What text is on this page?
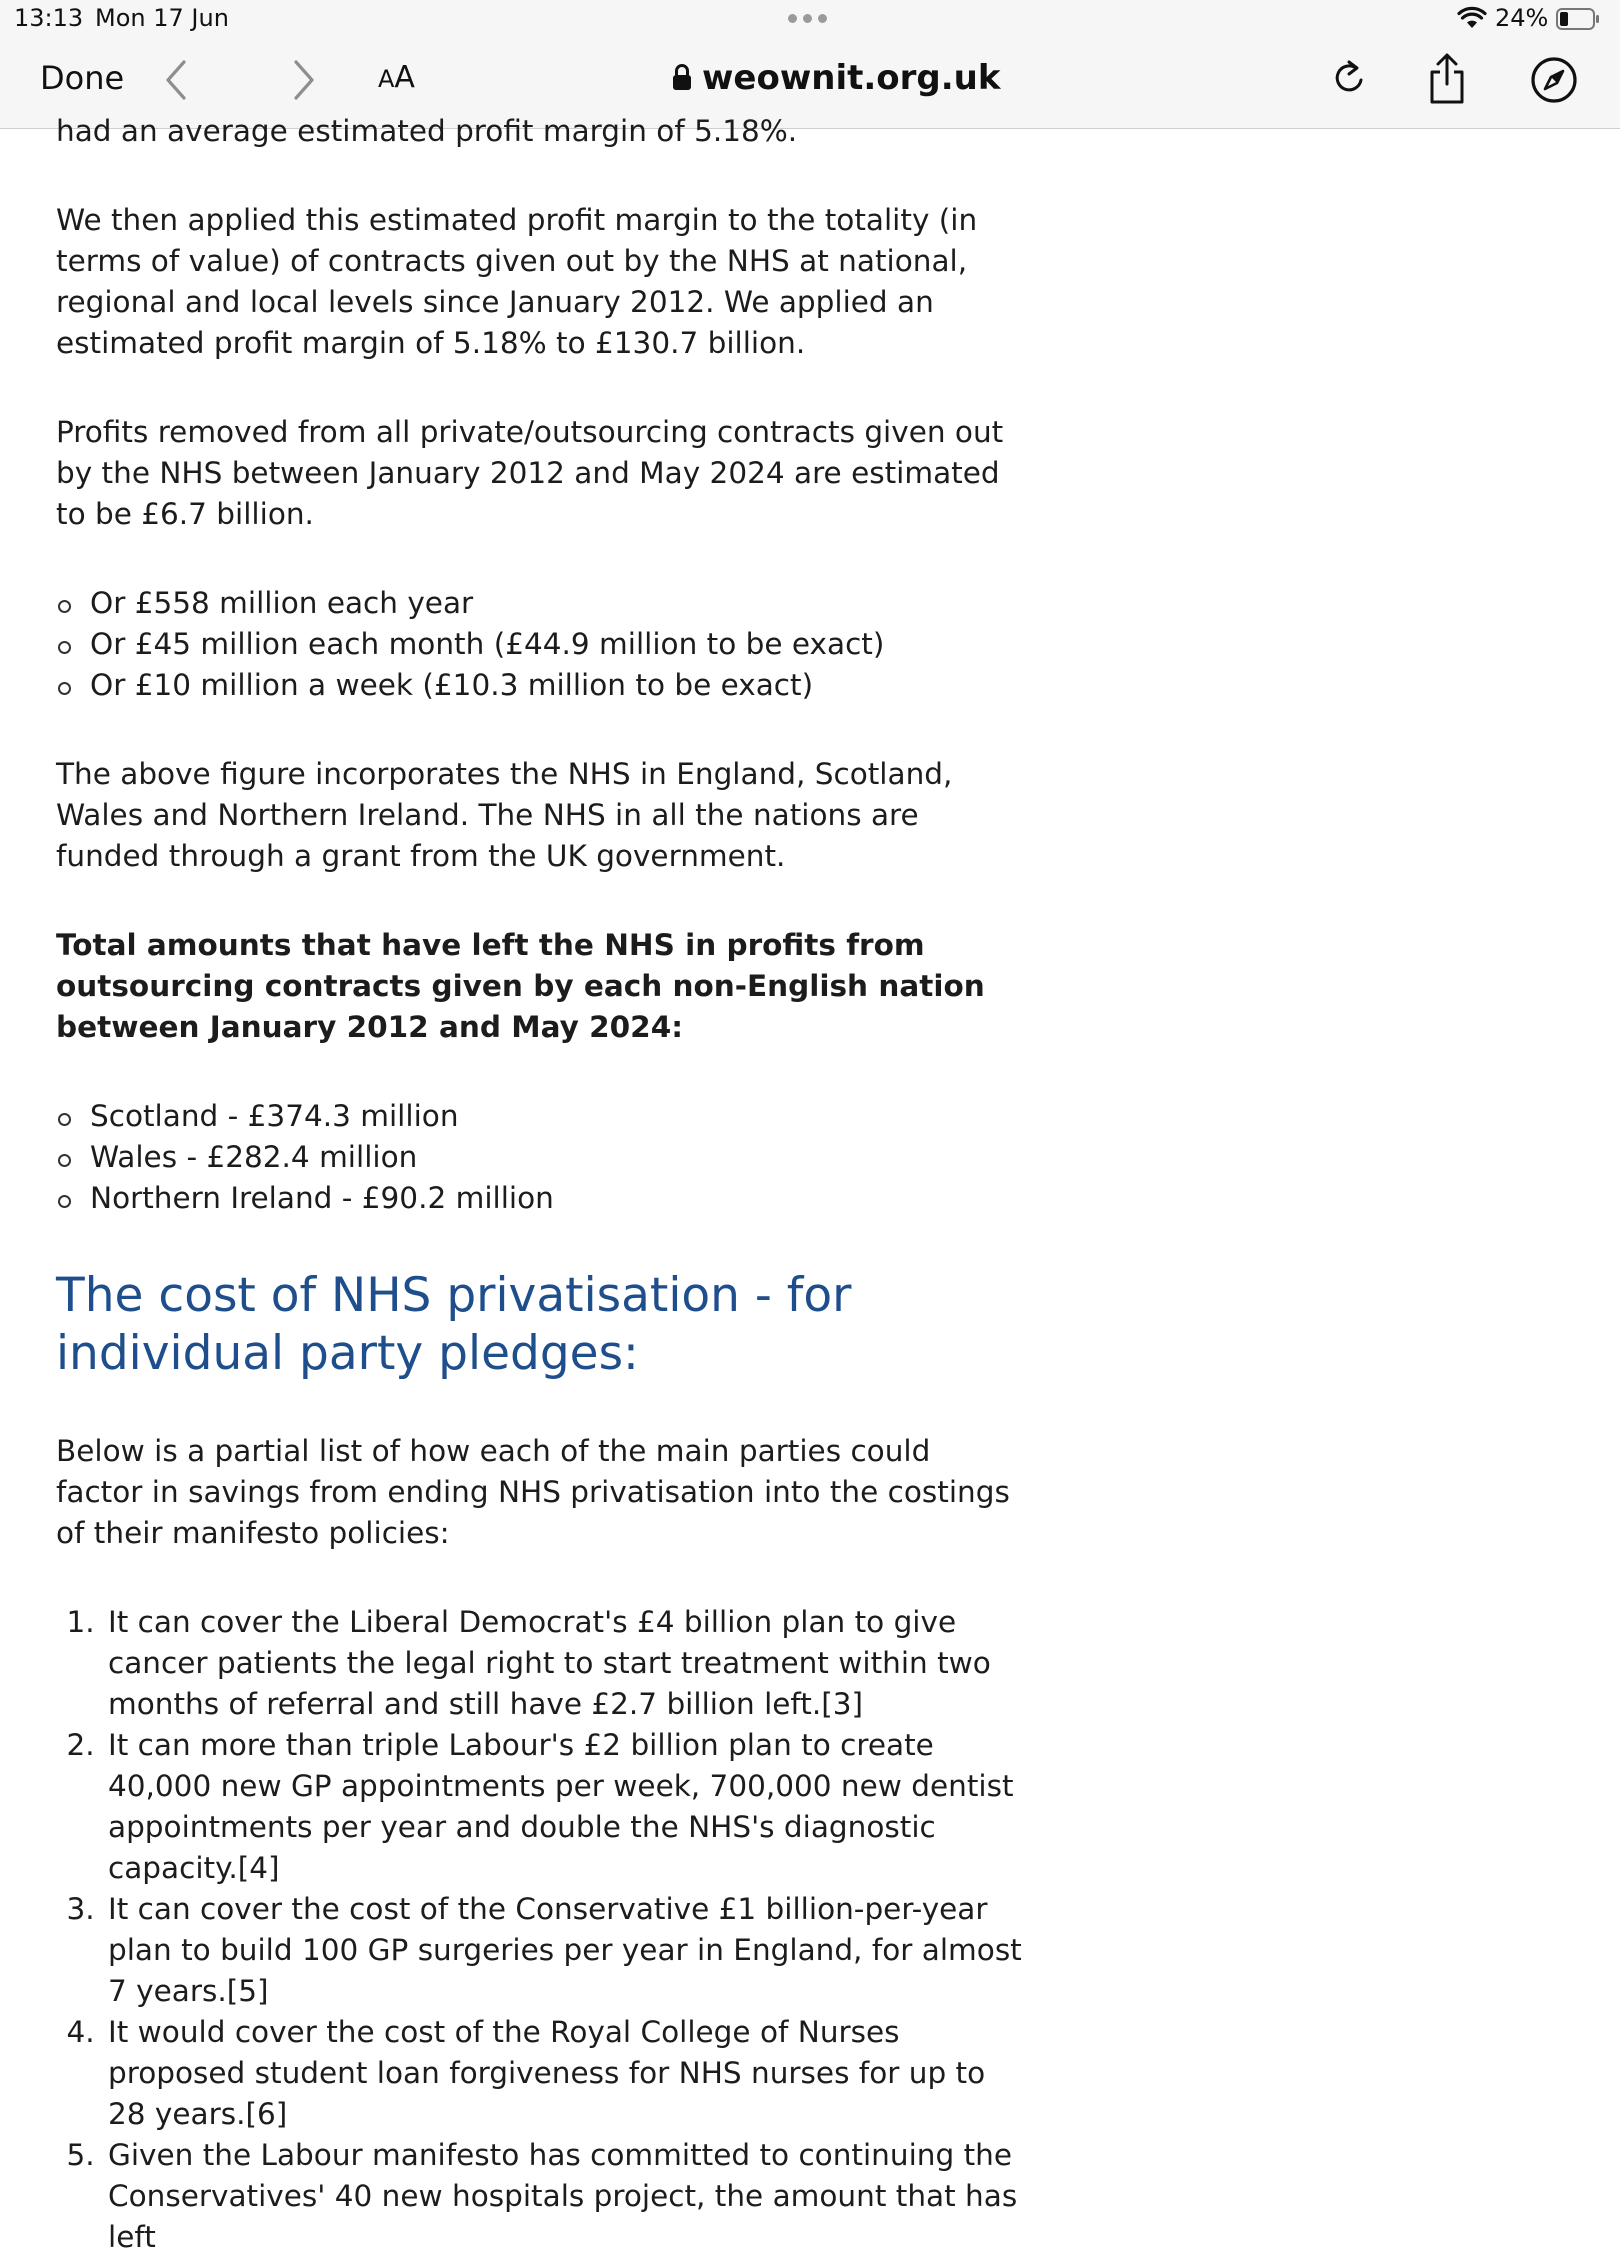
13:13 Mon 17 Jun	24%
Done	AA	weownit.org.uk

had an average estimated profit margin of 5.18%.

We then applied this estimated profit margin to the totality (in terms of value) of contracts given out by the NHS at national, regional and local levels since January 2012. We applied an estimated profit margin of 5.18% to £130.7 billion.

Profits removed from all private/outsourcing contracts given out by the NHS between January 2012 and May 2024 are estimated to be £6.7 billion.

Or £558 million each year
Or £45 million each month (£44.9 million to be exact)
Or £10 million a week (£10.3 million to be exact)

The above figure incorporates the NHS in England, Scotland, Wales and Northern Ireland. The NHS in all the nations are funded through a grant from the UK government.

Total amounts that have left the NHS in profits from outsourcing contracts given by each non-English nation between January 2012 and May 2024:

Scotland - £374.3 million
Wales - £282.4 million
Northern Ireland - £90.2 million
The cost of NHS privatisation - for individual party pledges:

Below is a partial list of how each of the main parties could factor in savings from ending NHS privatisation into the costings of their manifesto policies:

1. It can cover the Liberal Democrat's £4 billion plan to give cancer patients the legal right to start treatment within two months of referral and still have £2.7 billion left.[3]
2. It can more than triple Labour's £2 billion plan to create 40,000 new GP appointments per week, 700,000 new dentist appointments per year and double the NHS's diagnostic capacity.[4]
3. It can cover the cost of the Conservative £1 billion-per-year plan to build 100 GP surgeries per year in England, for almost 7 years.[5]
4. It would cover the cost of the Royal College of Nurses proposed student loan forgiveness for NHS nurses for up to 28 years.[6]
5. Given the Labour manifesto has committed to continuing the Conservatives' 40 new hospitals project, the amount that has left
